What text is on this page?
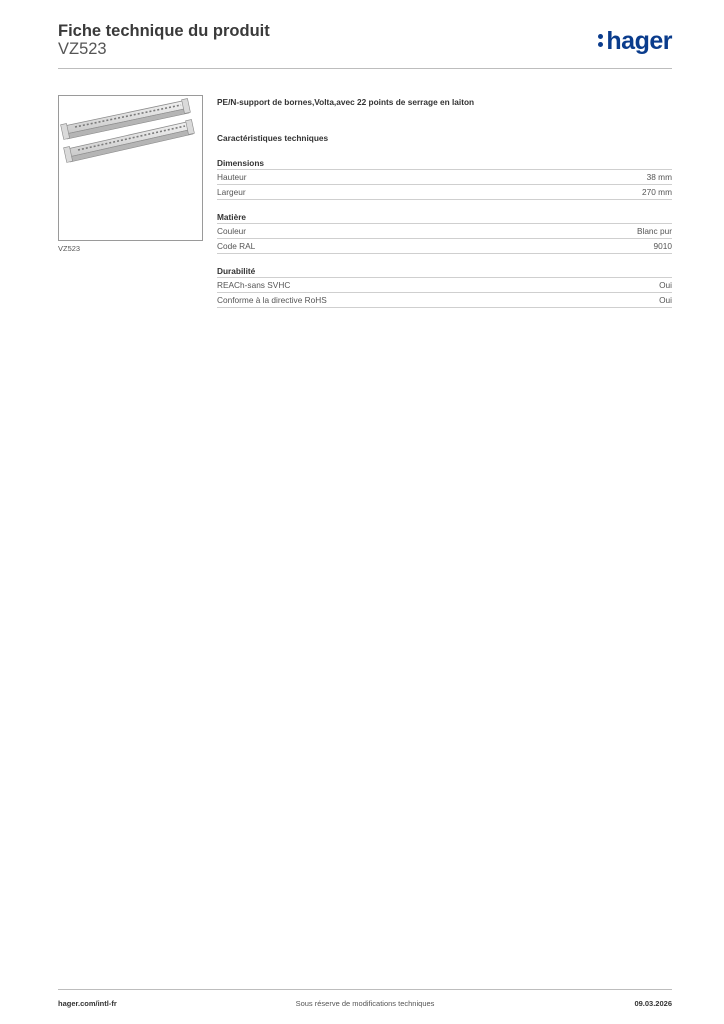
Fiche technique du produit
VZ523	hager
VZ523
PE/N-support de bornes,Volta,avec 22 points de serrage en laiton
Caractéristiques techniques
Dimensions
Hauteur	38 mm
Largeur	270 mm
Matière
Couleur	Blanc pur
Code RAL	9010
Durabilité
REACh-sans SVHC	Oui
Conforme à la directive RoHS	Oui
hager.com/intl-fr	Sous réserve de modifications techniques	09.03.2026
